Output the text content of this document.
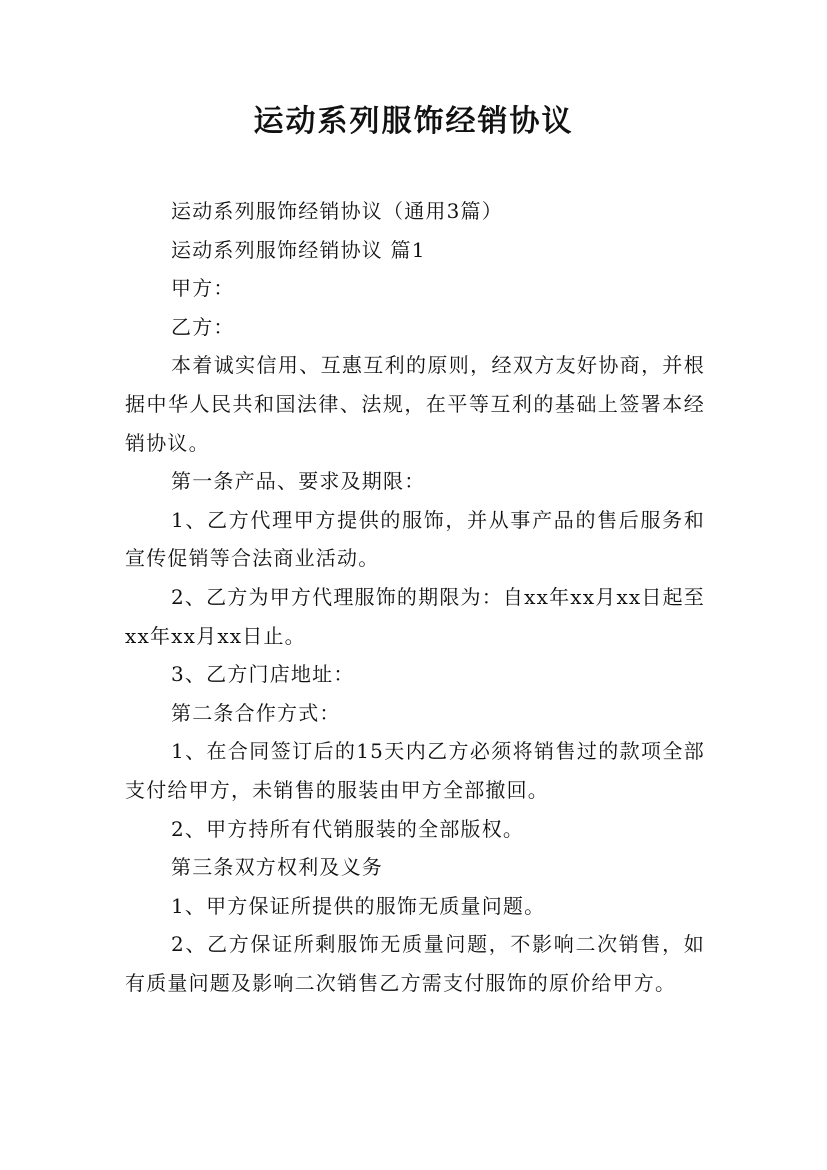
运动系列服饰经销协议

运动系列服饰经销协议（通用3篇）

运动系列服饰经销协议 篇1

甲方：

乙方：

本着诚实信用、互惠互利的原则，经双方友好协商，并根据中华人民共和国法律、法规，在平等互利的基础上签署本经销协议。

第一条产品、要求及期限：

1、乙方代理甲方提供的服饰，并从事产品的售后服务和宣传促销等合法商业活动。

2、乙方为甲方代理服饰的期限为：自xx年xx月xx日起至xx年xx月xx日止。

3、乙方门店地址：

第二条合作方式：

1、在合同签订后的15天内乙方必须将销售过的款项全部支付给甲方，未销售的服装由甲方全部撤回。

2、甲方持所有代销服装的全部版权。

第三条双方权利及义务

1、甲方保证所提供的服饰无质量问题。

2、乙方保证所剩服饰无质量问题，不影响二次销售，如有质量问题及影响二次销售乙方需支付服饰的原价给甲方。
